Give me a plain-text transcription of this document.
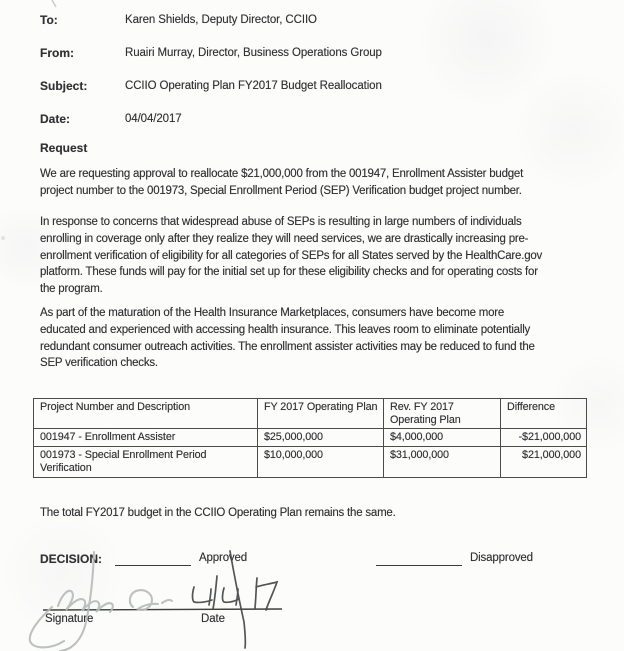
To:	Karen Shields, Deputy Director, CCIIO
From:	Ruairi Murray, Director, Business Operations Group
Subject:	CCIIO Operating Plan FY2017 Budget Reallocation
Date:	04/04/2017
Request
We are requesting approval to reallocate $21,000,000 from the 001947, Enrollment Assister budget
project number to the 001973, Special Enrollment Period (SEP) Verification budget project number.
In response to concerns that widespread abuse of SEPs is resulting in large numbers of individuals
enrolling in coverage only after they realize they will need services, we are drastically increasing pre-
enrollment verification of eligibility for all categories of SEPs for all States served by the HealthCare.gov
platform. These funds will pay for the initial set up for these eligibility checks and for operating costs for
the program.
As part of the maturation of the Health Insurance Marketplaces, consumers have become more
educated and experienced with accessing health insurance. This leaves room to eliminate potentially
redundant consumer outreach activities. The enrollment assister activities may be reduced to fund the
SEP verification checks.
Project Number and Description	FY 2017 Operating Plan	Rev. FY 2017 Operating Plan	Difference
001947 - Enrollment Assister	$25,000,000	$4,000,000	-$21,000,000
001973 - Special Enrollment Period Verification	$10,000,000	$31,000,000	$21,000,000
The total FY2017 budget in the CCIIO Operating Plan remains the same.
DECISION:	Approved	Disapproved
Signature	Date
